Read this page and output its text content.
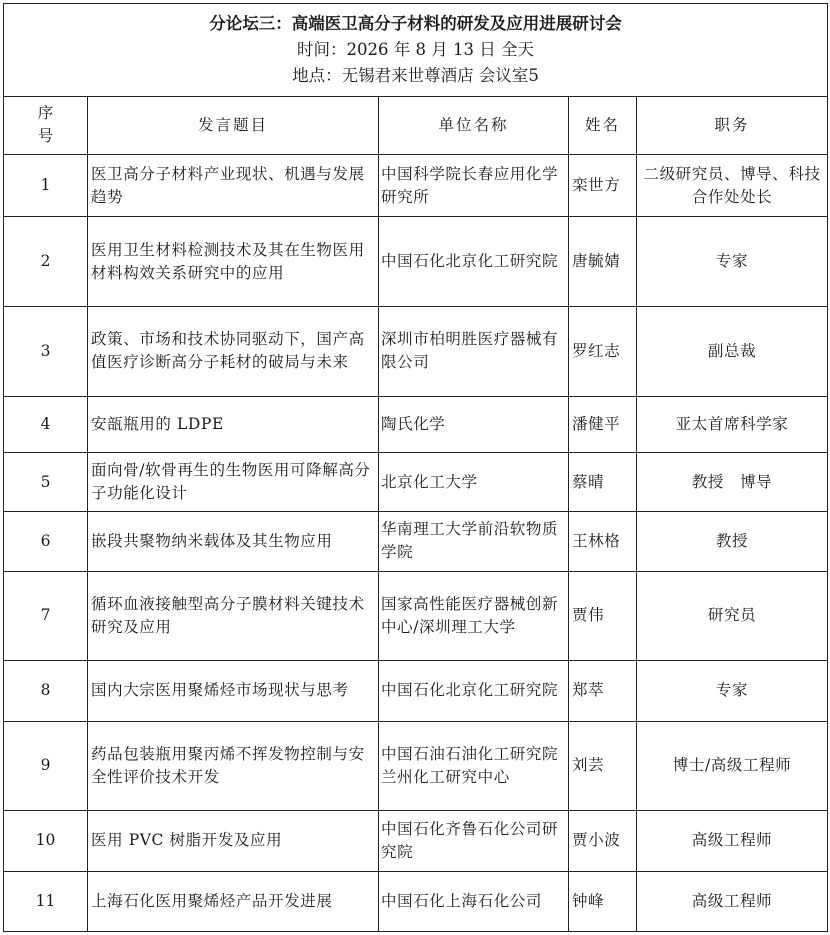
分论坛三：高端医卫高分子材料的研发及应用进展研讨会
时间：2026 年 8 月 13 日 全天
地点：无锡君来世尊酒店 会议室5				

序号	发言题目	单位名称	姓名	职务
1	医卫高分子材料产业现状、机遇与发展趋势	中国科学院长春应用化学研究所	栾世方	二级研究员、博导、科技合作处处长
2	医用卫生材料检测技术及其在生物医用材料构效关系研究中的应用	中国石化北京化工研究院	唐毓婧	专家
3	政策、市场和技术协同驱动下，国产高值医疗诊断高分子耗材的破局与未来	深圳市柏明胜医疗器械有限公司	罗红志	副总裁
4	安瓿瓶用的 LDPE	陶氏化学	潘健平	亚太首席科学家
5	面向骨/软骨再生的生物医用可降解高分子功能化设计	北京化工大学	蔡晴	教授　博导
6	嵌段共聚物纳米载体及其生物应用	华南理工大学前沿软物质学院	王林格	教授
7	循环血液接触型高分子膜材料关键技术研究及应用	国家高性能医疗器械创新中心/深圳理工大学	贾伟	研究员
8	国内大宗医用聚烯烃市场现状与思考	中国石化北京化工研究院	郑萃	专家
9	药品包装瓶用聚丙烯不挥发物控制与安全性评价技术开发	中国石油石油化工研究院兰州化工研究中心	刘芸	博士/高级工程师
10	医用 PVC 树脂开发及应用	中国石化齐鲁石化公司研究院	贾小波	高级工程师
11	上海石化医用聚烯烃产品开发进展	中国石化上海石化公司	钟峰	高级工程师
